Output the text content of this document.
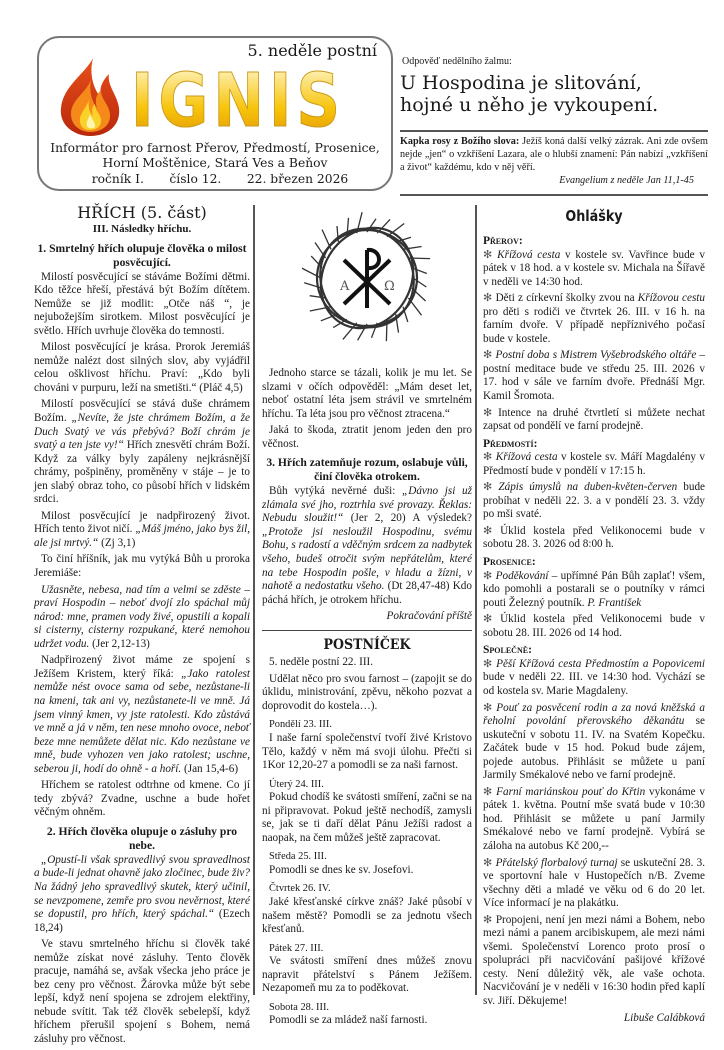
5. neděle postní
IGNIS
Informátor pro farnost Přerov, Předmostí, Prosenice,
Horní Moštěnice, Stará Ves a Beňov
ročník I. číslo 12. 22. březen 2026
Odpověď nedělního žalmu:
U Hospodina je slitování,
hojné u něho je vykoupení.
Kapka rosy z Božího slova: Ježíš koná další velký zázrak. Ani zde ovšem nejde „jen“ o vzkříšení Lazara, ale o hlubší znamení: Pán nabízí „vzkříšení a život“ každému, kdo v něj věří.
Evangelium z neděle Jan 11,1-45
HŘÍCH (5. část)
III. Následky hříchu.
1. Smrtelný hřích olupuje člověka o milost posvěcující.
Milostí posvěcující se stáváme Božími dětmi. Kdo těžce hřeší, přestává být Božím dítětem. Nemůže se již modlit: „Otče náš “, je nejubožejším sirotkem. Milost posvěcující je světlo. Hřích uvrhuje člověka do temnosti.
Milost posvěcující je krása. Prorok Jeremiáš nemůže nalézt dost silných slov, aby vyjádřil celou ošklivost hříchu. Praví: „Kdo byli chováni v purpuru, leží na smetišti.“ (Pláč 4,5)
Milostí posvěcující se stává duše chrámem Božím. „Nevíte, že jste chrámem Božím, a že Duch Svatý ve vás přebývá? Boží chrám je svatý a ten jste vy!“ Hřích znesvětí chrám Boží. Když za války byly zapáleny nejkrásnější chrámy, pošpiněny, proměněny v stáje – je to jen slabý obraz toho, co působí hřích v lidském srdci.
Milost posvěcující je nadpřirozený život. Hřích tento život ničí. „Máš jméno, jako bys žil, ale jsi mrtvý.“ (Zj 3,1)
To činí hříšník, jak mu vytýká Bůh u proroka Jeremiáše:
Užasněte, nebesa, nad tím a velmi se zděste – praví Hospodin – neboť dvojí zlo spáchal můj národ: mne, pramen vody živé, opustili a kopali si cisterny, cisterny rozpukané, které nemohou udržet vodu. (Jer 2,12-13)
Nadpřirozený život máme ze spojení s Ježíšem Kristem, který říká: „Jako ratolest nemůže nést ovoce sama od sebe, nezůstane-li na kmeni, tak ani vy, nezůstanete-li ve mně. Já jsem vinný kmen, vy jste ratolesti. Kdo zůstává ve mně a já v něm, ten nese mnoho ovoce, neboť beze mne nemůžete dělat nic. Kdo nezůstane ve mně, bude vyhozen ven jako ratolest; uschne, seberou ji, hodí do ohně - a hoří. (Jan 15,4-6)
Hříchem se ratolest odtrhne od kmene. Co jí tedy zbývá? Zvadne, uschne a bude hořet věčným ohněm.
2. Hřích člověka olupuje o zásluhy pro nebe.
„Opustí-li však spravedlivý svou spravedlnost a bude-li jednat ohavně jako zločinec, bude živ? Na žádný jeho spravedlivý skutek, který učinil, se nevzpomene, zemře pro svou nevěrnost, které se dopustil, pro hřích, který spáchal.“ (Ezech 18,24)
Ve stavu smrtelného hříchu si člověk také nemůže získat nové zásluhy. Tento člověk pracuje, namáhá se, avšak všecka jeho práce je bez ceny pro věčnost. Žárovka může být sebe lepší, když není spojena se zdrojem elektřiny, nebude svítit. Tak též člověk sebelepší, když hříchem přerušil spojení s Bohem, nemá zásluhy pro věčnost.
A	Ω
Jednoho starce se tázali, kolik je mu let. Se slzami v očích odpověděl: „Mám deset let, neboť ostatní léta jsem strávil ve smrtelném hříchu. Ta léta jsou pro věčnost ztracena.“
Jaká to škoda, ztratit jenom jeden den pro věčnost.
3. Hřích zatemňuje rozum, oslabuje vůli, činí člověka otrokem.
Bůh vytýká nevěrné duši: „Dávno jsi už zlámala své jho, roztrhla své provazy. Řeklas: Nebudu sloužit!“ (Jer 2, 20) A výsledek? „Protože jsi nesloužil Hospodinu, svému Bohu, s radostí a vděčným srdcem za nadbytek všeho, budeš otročit svým nepřátelům, které na tebe Hospodin pošle, v hladu a žízni, v nahotě a nedostatku všeho. (Dt 28,47-48) Kdo páchá hřích, je otrokem hříchu.
Pokračování příště
POSTNÍČEK
5. neděle postní 22. III.
Udělat něco pro svou farnost – (zapojit se do úklidu, ministrování, zpěvu, někoho pozvat a doprovodit do kostela…).
Pondělí 23. III.
I naše farní společenství tvoří živé Kristovo Tělo, každý v něm má svoji úlohu. Přečti si 1Kor 12,20-27 a pomodli se za naši farnost.
Úterý 24. III.
Pokud chodíš ke svátosti smíření, začni se na ni připravovat. Pokud ještě nechodíš, zamysli se, jak se ti daří dělat Pánu Ježíši radost a naopak, na čem můžeš ještě zapracovat.
Středa 25. III.
Pomodli se dnes ke sv. Josefovi.
Čtvrtek 26. IV.
Jaké křesťanské církve znáš? Jaké působí v našem městě? Pomodli se za jednotu všech křesťanů.
Pátek 27. III.
Ve svátosti smíření dnes můžeš znovu napravit přátelství s Pánem Ježíšem. Nezapomeň mu za to poděkovat.
Sobota 28. III.
Pomodli se za mládež naší farnosti.
Ohlášky
Přerov:
✻ Křížová cesta v kostele sv. Vavřince bude v pátek v 18 hod. a v kostele sv. Michala na Šířavě v neděli ve 14:30 hod.
✻ Děti z církevní školky zvou na Křížovou cestu pro děti s rodiči ve čtvrtek 26. III. v 16 h. na farním dvoře. V případě nepříznivého počasí bude v kostele.
✻ Postní doba s Mistrem Vyšebrodského oltáře – postní meditace bude ve středu 25. III. 2026 v 17. hod v sále ve farním dvoře. Přednáší Mgr. Kamil Šromota.
✻ Intence na druhé čtvrtletí si můžete nechat zapsat od pondělí ve farní prodejně.
Předmostí:
✻ Křížová cesta v kostele sv. Máří Magdalény v Předmostí bude v pondělí v 17:15 h.
✻ Zápis úmyslů na duben-květen-červen bude probíhat v neděli 22. 3. a v pondělí 23. 3. vždy po mši svaté.
✻ Úklid kostela před Velikonocemi bude v sobotu 28. 3. 2026 od 8:00 h.
Prosenice:
✻ Poděkování – upřímné Pán Bůh zaplať! všem, kdo pomohli a postarali se o poutníky v rámci pouti Železný poutník. P. František
✻ Úklid kostela před Velikonocemi bude v sobotu 28. III. 2026 od 14 hod.
Společně:
✻ Pěší Křížová cesta Předmostím a Popovicemi bude v neděli 22. III. ve 14:30 hod. Vychází se od kostela sv. Marie Magdaleny.
✻ Pouť za posvěcení rodin a za nová kněžská a řeholní povolání přerovského děkanátu se uskuteční v sobotu 11. IV. na Svatém Kopečku. Začátek bude v 15 hod. Pokud bude zájem, pojede autobus. Přihlásit se můžete u paní Jarmily Smékalové nebo ve farní prodejně.
✻ Farní mariánskou pouť do Křtin vykonáme v pátek 1. května. Poutní mše svatá bude v 10:30 hod. Přihlásit se můžete u paní Jarmily Smékalové nebo ve farní prodejně. Vybírá se záloha na autobus Kč 200,--
✻ Přátelský florbalový turnaj se uskuteční 28. 3. ve sportovní hale v Hustopečích n/B. Zveme všechny děti a mladé ve věku od 6 do 20 let. Více informací je na plakátku.
✻ Propojeni, není jen mezi námi a Bohem, nebo mezi námi a panem arcibiskupem, ale mezi námi všemi. Společenství Lorenco proto prosí o spolupráci při nacvičování pašijové křížové cesty. Není důležitý věk, ale vaše ochota. Nacvičování je v neděli v 16:30 hodin před kaplí sv. Jiří. Děkujeme!
Libuše Calábková
